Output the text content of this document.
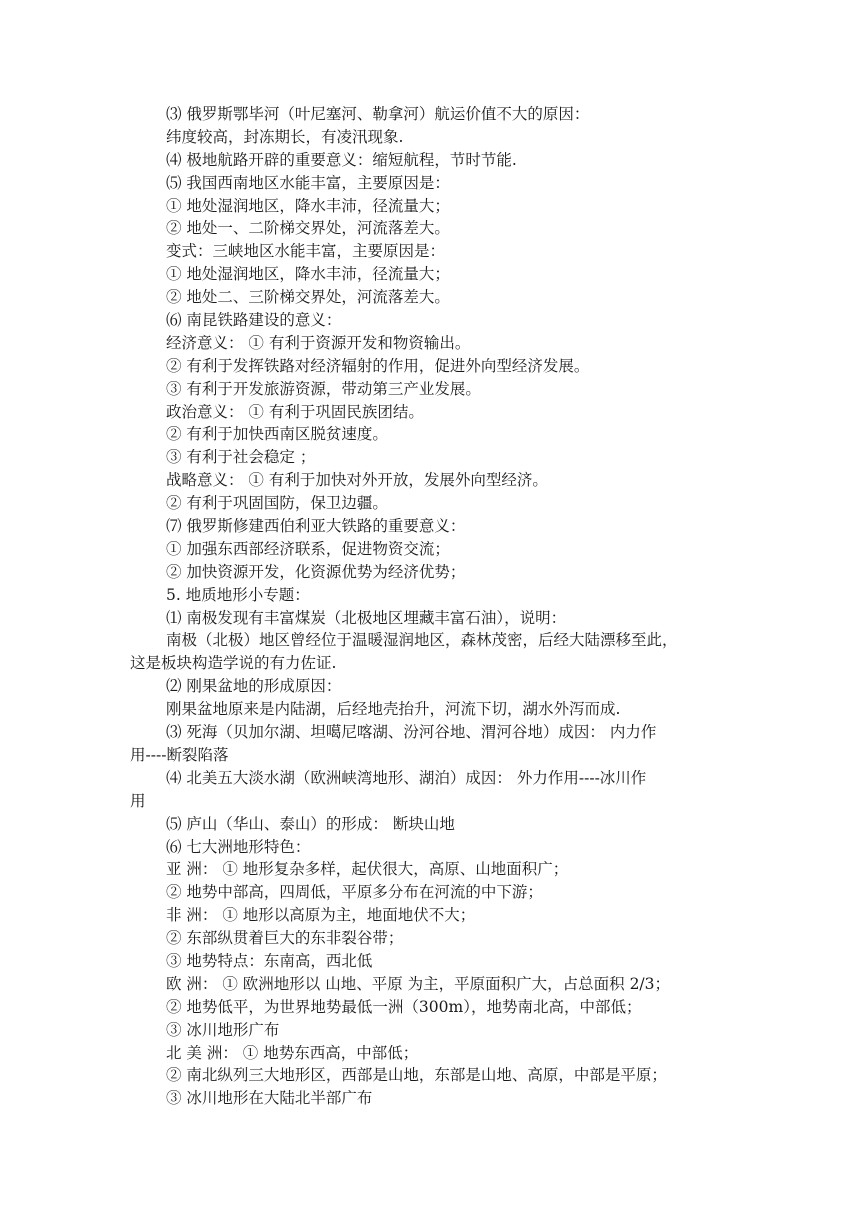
⑶ 俄罗斯鄂毕河（叶尼塞河、勒拿河）航运价值不大的原因：
纬度较高，封冻期长，有凌汛现象.
⑷ 极地航路开辟的重要意义：缩短航程，节时节能.
⑸ 我国西南地区水能丰富，主要原因是：
① 地处湿润地区，降水丰沛，径流量大；
② 地处一、二阶梯交界处，河流落差大。
变式：三峡地区水能丰富，主要原因是：
① 地处湿润地区，降水丰沛，径流量大；
② 地处二、三阶梯交界处，河流落差大。
⑹ 南昆铁路建设的意义：
经济意义： ① 有利于资源开发和物资输出。
② 有利于发挥铁路对经济辐射的作用，促进外向型经济发展。
③ 有利于开发旅游资源，带动第三产业发展。
政治意义： ① 有利于巩固民族团结。
② 有利于加快西南区脱贫速度。
③ 有利于社会稳定 ；
战略意义： ① 有利于加快对外开放，发展外向型经济。
② 有利于巩固国防，保卫边疆。
⑺ 俄罗斯修建西伯利亚大铁路的重要意义：
① 加强东西部经济联系，促进物资交流；
② 加快资源开发，化资源优势为经济优势；
5. 地质地形小专题：
⑴ 南极发现有丰富煤炭（北极地区埋藏丰富石油），说明：
南极（北极）地区曾经位于温暖湿润地区，森林茂密，后经大陆漂移至此，
这是板块构造学说的有力佐证.
⑵ 刚果盆地的形成原因：
刚果盆地原来是内陆湖，后经地壳抬升，河流下切，湖水外泻而成.
⑶ 死海（贝加尔湖、坦噶尼喀湖、汾河谷地、渭河谷地）成因： 内力作
用----断裂陷落
⑷ 北美五大淡水湖（欧洲峡湾地形、湖泊）成因： 外力作用----冰川作
用
⑸ 庐山（华山、泰山）的形成： 断块山地
⑹ 七大洲地形特色：
亚 洲： ① 地形复杂多样，起伏很大，高原、山地面积广；
② 地势中部高，四周低，平原多分布在河流的中下游；
非 洲： ① 地形以高原为主，地面地伏不大；
② 东部纵贯着巨大的东非裂谷带；
③ 地势特点：东南高，西北低
欧 洲： ① 欧洲地形以 山地、平原 为主，平原面积广大，占总面积 2/3；
② 地势低平，为世界地势最低一洲（300m），地势南北高，中部低；
③ 冰川地形广布
北 美 洲： ① 地势东西高，中部低；
② 南北纵列三大地形区，西部是山地，东部是山地、高原，中部是平原；
③ 冰川地形在大陆北半部广布
